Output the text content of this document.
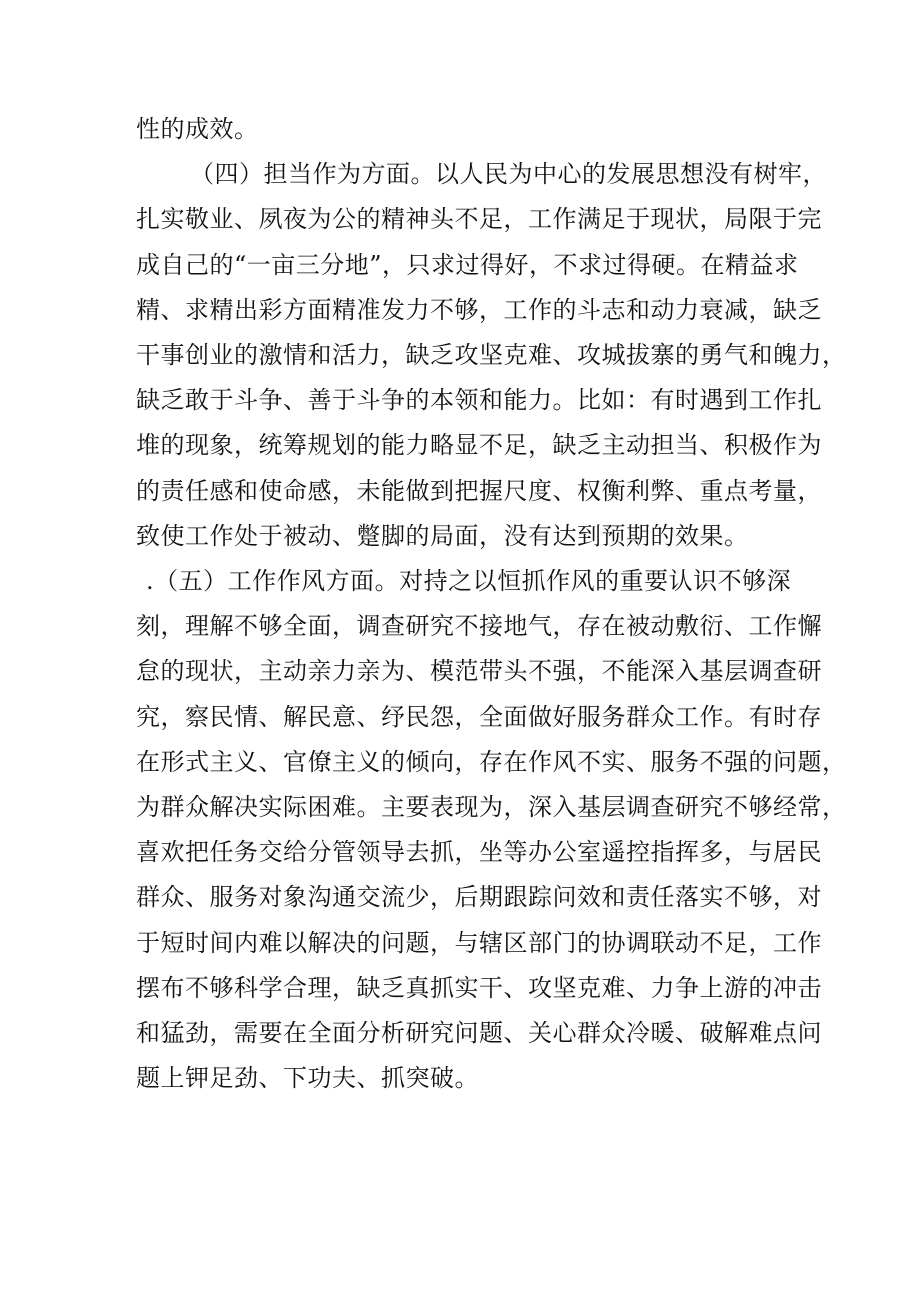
性的成效。
（四）担当作为方面。以人民为中心的发展思想没有树牢，
扎实敬业、夙夜为公的精神头不足，工作满足于现状，局限于完
成自己的“一亩三分地”，只求过得好，不求过得硬。在精益求
精、求精出彩方面精准发力不够，工作的斗志和动力衰减，缺乏
干事创业的激情和活力，缺乏攻坚克难、攻城拔寨的勇气和魄力，
缺乏敢于斗争、善于斗争的本领和能力。比如：有时遇到工作扎
堆的现象，统筹规划的能力略显不足，缺乏主动担当、积极作为
的责任感和使命感，未能做到把握尺度、权衡利弊、重点考量，
致使工作处于被动、蹩脚的局面，没有达到预期的效果。
.（五）工作作风方面。对持之以恒抓作风的重要认识不够深
刻，理解不够全面，调查研究不接地气，存在被动敷衍、工作懈
怠的现状，主动亲力亲为、模范带头不强，不能深入基层调查研
究，察民情、解民意、纾民怨，全面做好服务群众工作。有时存
在形式主义、官僚主义的倾向，存在作风不实、服务不强的问题，
为群众解决实际困难。主要表现为，深入基层调查研究不够经常，
喜欢把任务交给分管领导去抓，坐等办公室遥控指挥多，与居民
群众、服务对象沟通交流少，后期跟踪问效和责任落实不够，对
于短时间内难以解决的问题，与辖区部门的协调联动不足，工作
摆布不够科学合理，缺乏真抓实干、攻坚克难、力争上游的冲击
和猛劲，需要在全面分析研究问题、关心群众冷暖、破解难点问
题上钾足劲、下功夫、抓突破。
